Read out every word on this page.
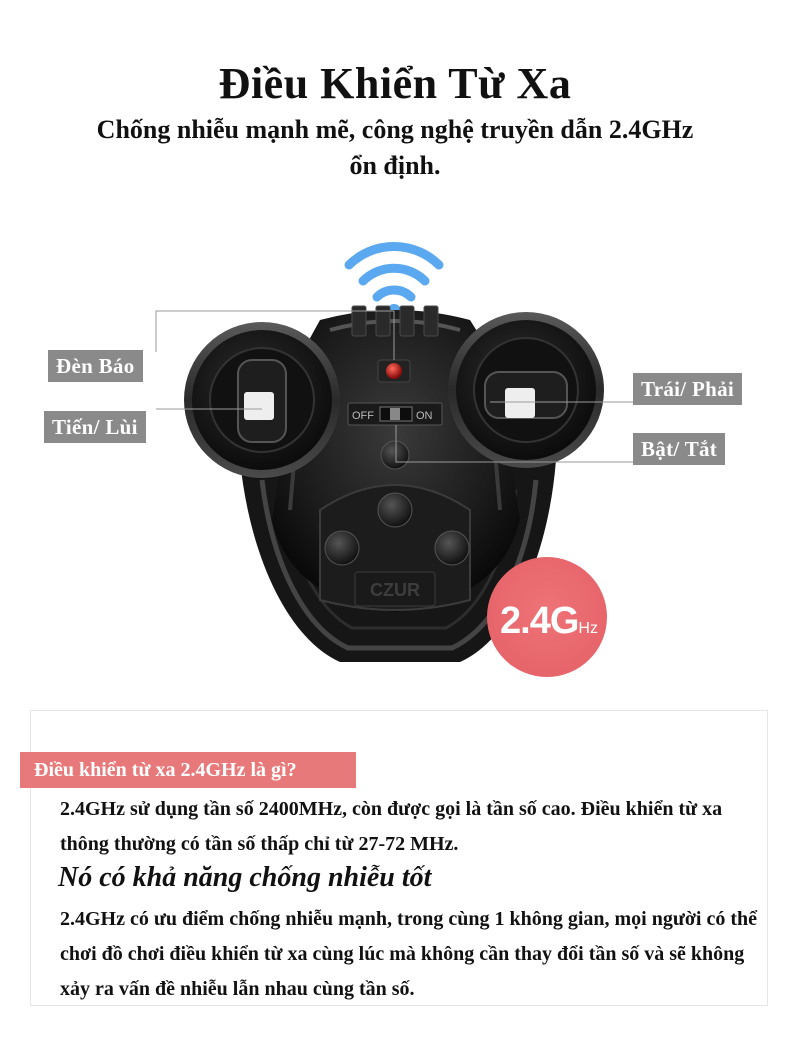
Điều Khiển Từ Xa
Chống nhiễu mạnh mẽ, công nghệ truyền dẫn 2.4GHz ổn định.
OFF	ON
CZUR
Đèn Báo
Tiến/ Lùi
Trái/ Phải
Bật/ Tắt
2.4GHz
Điều khiển từ xa 2.4GHz là gì?
2.4GHz sử dụng tần số 2400MHz, còn được gọi là tần số cao. Điều khiển từ xa thông thường có tần số thấp chỉ từ 27-72 MHz.
Nó có khả năng chống nhiễu tốt
2.4GHz có ưu điểm chống nhiễu mạnh, trong cùng 1 không gian, mọi người có thể chơi đồ chơi điều khiển từ xa cùng lúc mà không cần thay đổi tần số và sẽ không xảy ra vấn đề nhiễu lẫn nhau cùng tần số.
